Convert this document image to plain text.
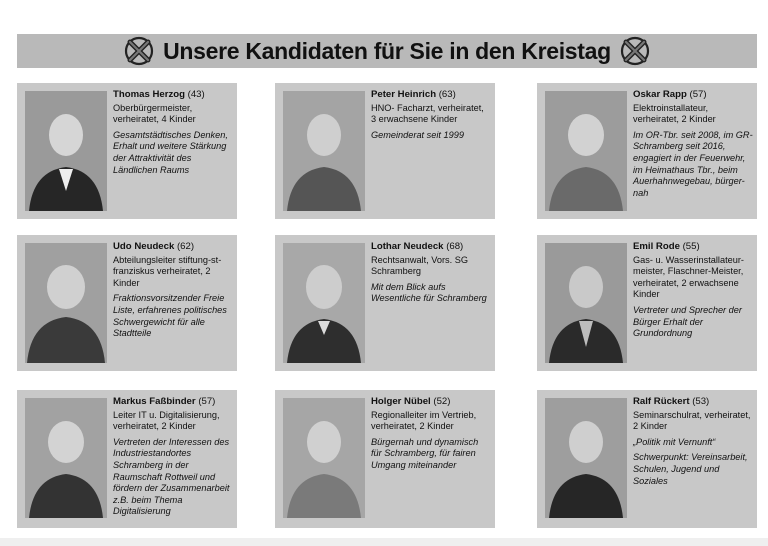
Unsere Kandidaten für Sie in den Kreistag
Thomas Herzog (43)
Oberbürgermeister, verheiratet, 4 Kinder
Gesamtstädtisches Denken, Erhalt und weitere Stärkung der Attraktivität des Ländlichen Raums
Peter Heinrich (63)
HNO- Facharzt, verheiratet, 3 erwachsene Kinder
Gemeinderat seit 1999
Oskar Rapp (57)
Elektroinstallateur, verheiratet, 2 Kinder
Im OR-Tbr. seit 2008, im GR-Schramberg seit 2016, engagiert in der Feuerwehr, im Heimathaus Tbr., beim Auerhahnwegebau, bürger-nah
Udo Neudeck (62)
Abteilungsleiter stiftung-st-franziskus verheiratet, 2 Kinder
Fraktionsvorsitzender Freie Liste, erfahrenes politisches Schwergewicht für alle Stadtteile
Lothar Neudeck (68)
Rechtsanwalt, Vors. SG Schramberg
Mit dem Blick aufs Wesentliche für Schramberg
Emil Rode (55)
Gas- u. Wasserinstallateur-meister, Flaschner-Meister, verheiratet, 2 erwachsene Kinder
Vertreter und Sprecher der Bürger Erhalt der Grundordnung
Markus Faßbinder (57)
Leiter IT u. Digitalisierung, verheiratet, 2 Kinder
Vertreten der Interessen des Industriestandortes Schramberg in der Raumschaft Rottweil und fördern der Zusammenarbeit z.B. beim Thema Digitalisierung
Holger Nübel (52)
Regionalleiter im Vertrieb, verheiratet, 2 Kinder
Bürgernah und dynamisch für Schramberg, für fairen Umgang miteinander
Ralf Rückert (53)
Seminarschulrat, verheiratet, 2 Kinder
„Politik mit Vernunft“
Schwerpunkt: Vereinsarbeit, Schulen, Jugend und Soziales
